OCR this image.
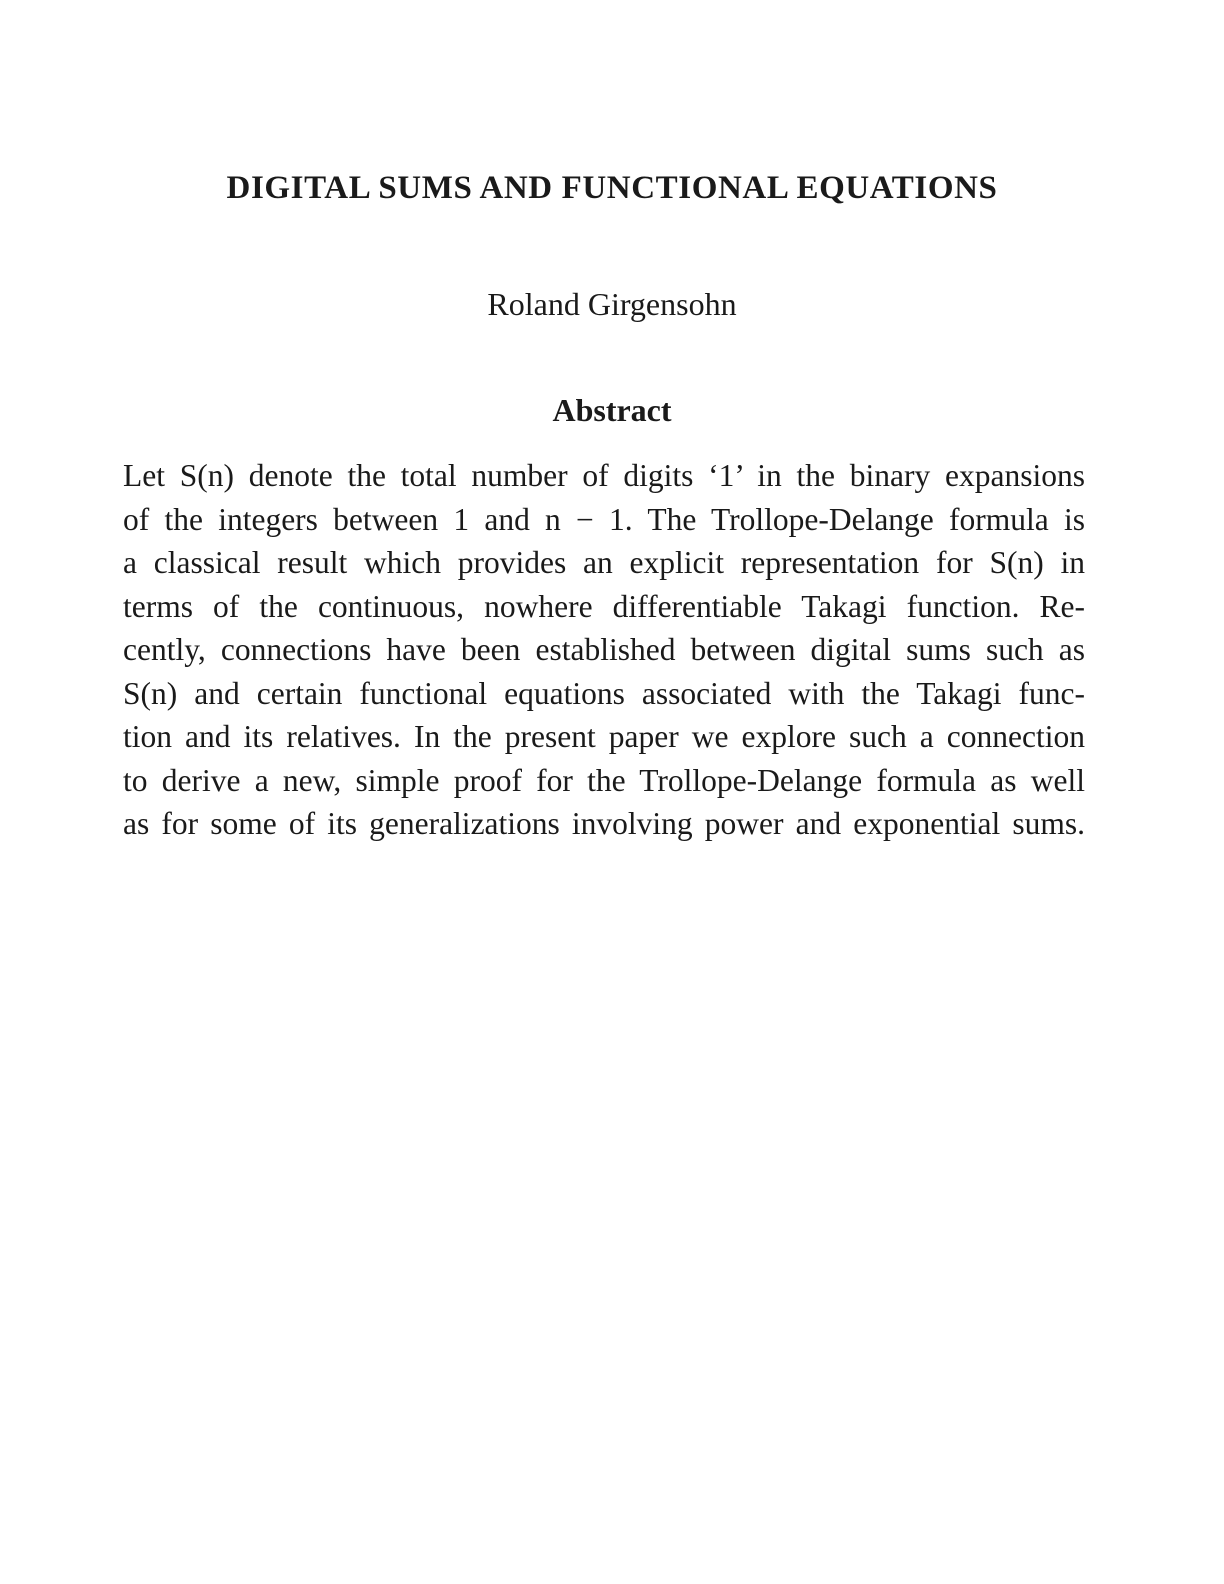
DIGITAL SUMS AND FUNCTIONAL EQUATIONS
Roland Girgensohn
Abstract
Let S(n) denote the total number of digits ‘1’ in the binary expansions
of the integers between 1 and n − 1. The Trollope-Delange formula is
a classical result which provides an explicit representation for S(n) in
terms of the continuous, nowhere differentiable Takagi function. Re-
cently, connections have been established between digital sums such as
S(n) and certain functional equations associated with the Takagi func-
tion and its relatives. In the present paper we explore such a connection
to derive a new, simple proof for the Trollope-Delange formula as well
as for some of its generalizations involving power and exponential sums.
